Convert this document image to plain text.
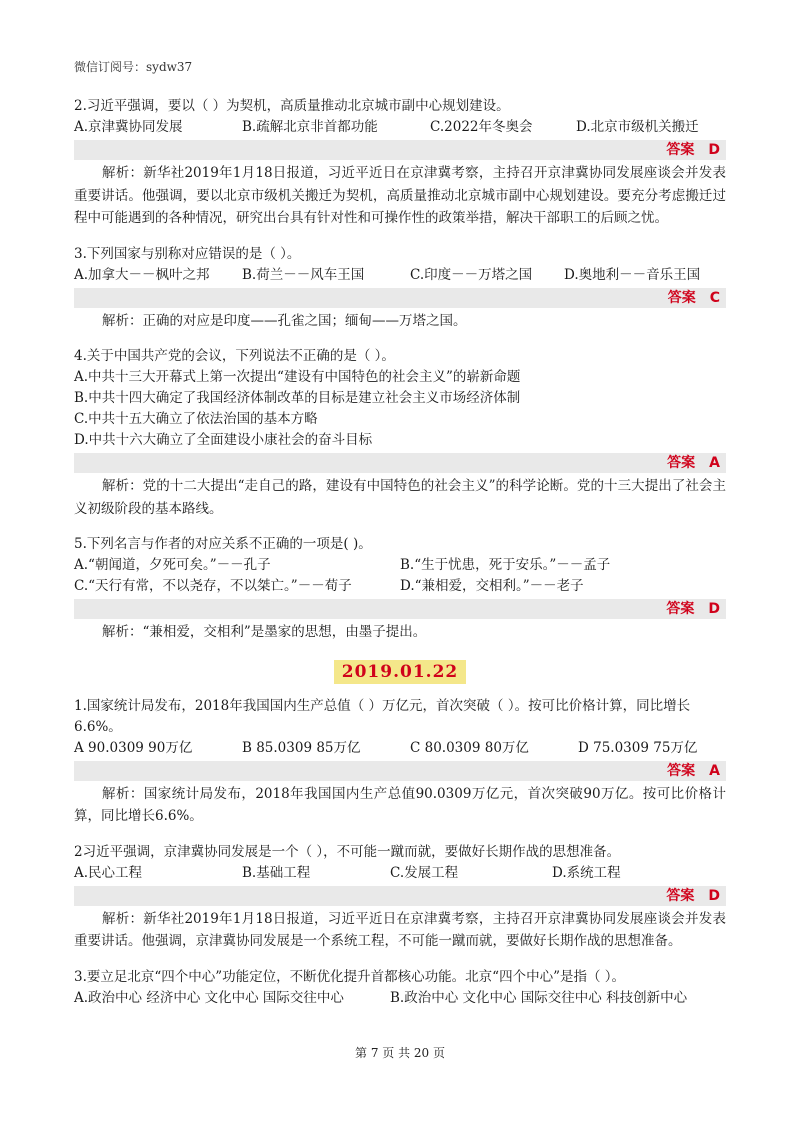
微信订阅号：sydw37

2.习近平强调，要以（ ）为契机，高质量推动北京城市副中心规划建设。

A.京津冀协同发展	B.疏解北京非首都功能	C.2022年冬奥会	D.北京市级机关搬迁
答案 D

解析：新华社2019年1月18日报道，习近平近日在京津冀考察，主持召开京津冀协同发展座谈会并发表重要讲话。他强调，要以北京市级机关搬迁为契机，高质量推动北京城市副中心规划建设。要充分考虑搬迁过程中可能遇到的各种情况，研究出台具有针对性和可操作性的政策举措，解决干部职工的后顾之忧。

3.下列国家与别称对应错误的是（ ）。

A.加拿大－－枫叶之邦	B.荷兰－－风车王国	C.印度－－万塔之国	D.奥地利－－音乐王国
答案 C

解析：正确的对应是印度——孔雀之国；缅甸——万塔之国。

4.关于中国共产党的会议，下列说法不正确的是（ ）。

A.中共十三大开幕式上第一次提出“建设有中国特色的社会主义”的崭新命题
B.中共十四大确定了我国经济体制改革的目标是建立社会主义市场经济体制
C.中共十五大确立了依法治国的基本方略
D.中共十六大确立了全面建设小康社会的奋斗目标
答案 A

解析：党的十二大提出“走自己的路，建设有中国特色的社会主义”的科学论断。党的十三大提出了社会主义初级阶段的基本路线。

5.下列名言与作者的对应关系不正确的一项是( )。

A.“朝闻道，夕死可矣。”－－孔子	B.“生于忧患，死于安乐。”－－孟子
C.“天行有常，不以尧存，不以桀亡。”－－荀子	D.“兼相爱，交相利。”－－老子
答案 D

解析：“兼相爱，交相利”是墨家的思想，由墨子提出。

2019.01.22

1.国家统计局发布，2018年我国国内生产总值（ ）万亿元，首次突破（ ）。按可比价格计算，同比增长6.6%。

A 90.0309 90万亿	B 85.0309 85万亿	C 80.0309 80万亿	D 75.0309 75万亿
答案 A

解析：国家统计局发布，2018年我国国内生产总值90.0309万亿元，首次突破90万亿。按可比价格计算，同比增长6.6%。

2习近平强调，京津冀协同发展是一个（ ），不可能一蹴而就，要做好长期作战的思想准备。

A.民心工程	B.基础工程	C.发展工程	D.系统工程
答案 D

解析：新华社2019年1月18日报道，习近平近日在京津冀考察，主持召开京津冀协同发展座谈会并发表重要讲话。他强调，京津冀协同发展是一个系统工程，不可能一蹴而就，要做好长期作战的思想准备。

3.要立足北京“四个中心”功能定位，不断优化提升首都核心功能。北京“四个中心”是指（ ）。

A.政治中心 经济中心 文化中心 国际交往中心	B.政治中心 文化中心 国际交往中心 科技创新中心
第 7 页 共 20 页
